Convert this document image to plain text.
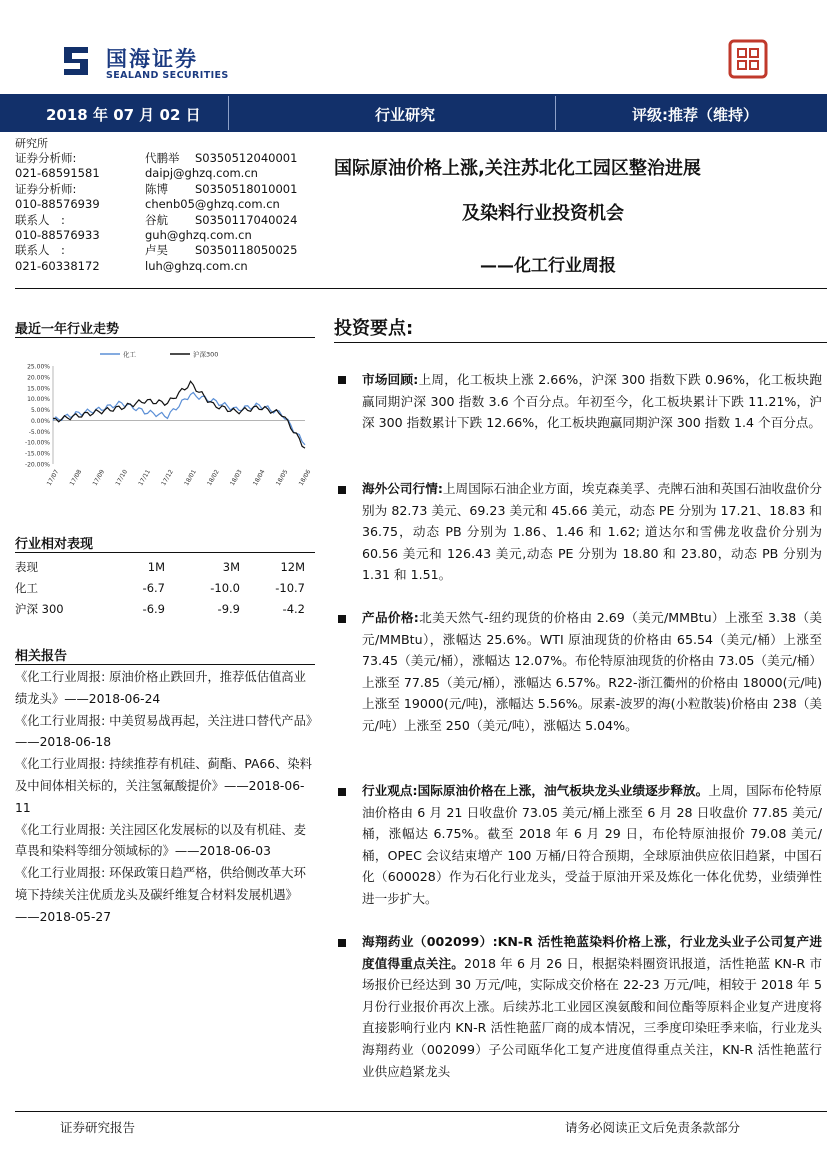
国海证券
SEALAND SECURITIES
2018 年 07 月 02 日	行业研究	评级:推荐（维持）
研究所
证券分析师:	代鹏举 S0350512040001
021-68591581	daipj@ghzq.com.cn
证券分析师:	陈博 S0350518010001
010-88576939	chenb05@ghzq.com.cn
联系人　:	谷航 S0350117040024
010-88576933	guh@ghzq.com.cn
联系人　:	卢昊 S0350118050025
021-60338172	luh@ghzq.com.cn
国际原油价格上涨,关注苏北化工园区整治进展
及染料行业投资机会
——化工行业周报
最近一年行业走势
25.00%
20.00%
15.00%
10.00%
5.00%
0.00%
-5.00%
-10.00%
-15.00%
-20.00%
17/07 17/08 17/09 17/10 17/11 17/12 18/01 18/02 18/03 18/04 18/05 18/06
化工	沪深300
行业相对表现
表现	1M	3M	12M
化工	-6.7	-10.0	-10.7
沪深 300	-6.9	-9.9	-4.2
相关报告
《化工行业周报: 原油价格止跌回升，推荐低估值高业绩龙头》——2018-06-24
《化工行业周报: 中美贸易战再起，关注进口替代产品》——2018-06-18
《化工行业周报: 持续推荐有机硅、蓟酯、PA66、染料及中间体相关标的，关注氢氟酸提价》——2018-06-11
《化工行业周报: 关注园区化发展标的以及有机硅、麦草畏和染料等细分领域标的》——2018-06-03
《化工行业周报: 环保政策日趋严格，供给侧改革大环境下持续关注优质龙头及碳纤维复合材料发展机遇》——2018-05-27
投资要点:
市场回顾:上周，化工板块上涨 2.66%，沪深 300 指数下跌 0.96%，化工板块跑赢同期沪深 300 指数 3.6 个百分点。年初至今，化工板块累计下跌 11.21%，沪深 300 指数累计下跌 12.66%，化工板块跑赢同期沪深 300 指数 1.4 个百分点。
海外公司行情:上周国际石油企业方面，埃克森美孚、壳牌石油和英国石油收盘价分别为 82.73 美元、69.23 美元和 45.66 美元，动态 PE 分别为 17.21、18.83 和 36.75，动态 PB 分别为 1.86、1.46 和 1.62; 道达尔和雪佛龙收盘价分别为 60.56 美元和 126.43 美元,动态 PE 分别为 18.80 和 23.80，动态 PB 分别为 1.31 和 1.51。
产品价格:北美天然气-纽约现货的价格由 2.69（美元/MMBtu）上涨至 3.38（美元/MMBtu），涨幅达 25.6%。WTI 原油现货的价格由 65.54（美元/桶）上涨至 73.45（美元/桶），涨幅达 12.07%。布伦特原油现货的价格由 73.05（美元/桶）上涨至 77.85（美元/桶），涨幅达 6.57%。R22-浙江衢州的价格由 18000(元/吨)上涨至 19000(元/吨)，涨幅达 5.56%。尿素-波罗的海(小粒散装)价格由 238（美元/吨）上涨至 250（美元/吨），涨幅达 5.04%。
行业观点:国际原油价格在上涨，油气板块龙头业绩逐步释放。上周，国际布伦特原油价格由 6 月 21 日收盘价 73.05 美元/桶上涨至 6 月 28 日收盘价 77.85 美元/桶，涨幅达 6.75%。截至 2018 年 6 月 29 日，布伦特原油报价 79.08 美元/桶，OPEC 会议结束增产 100 万桶/日符合预期，全球原油供应依旧趋紧，中国石化（600028）作为石化行业龙头，受益于原油开采及炼化一体化优势，业绩弹性进一步扩大。
海翔药业（002099）:KN-R 活性艳蓝染料价格上涨，行业龙头业子公司复产进度值得重点关注。2018 年 6 月 26 日，根据染料圈资讯报道，活性艳蓝 KN-R 市场报价已经达到 30 万元/吨，实际成交价格在 22-23 万元/吨，相较于 2018 年 5 月份行业报价再次上涨。后续苏北工业园区溴氨酸和间位酯等原料企业复产进度将直接影响行业内 KN-R 活性艳蓝厂商的成本情况，三季度印染旺季来临，行业龙头海翔药业（002099）子公司瓯华化工复产进度值得重点关注，KN-R 活性艳蓝行业供应趋紧龙头
证券研究报告	请务必阅读正文后免责条款部分
